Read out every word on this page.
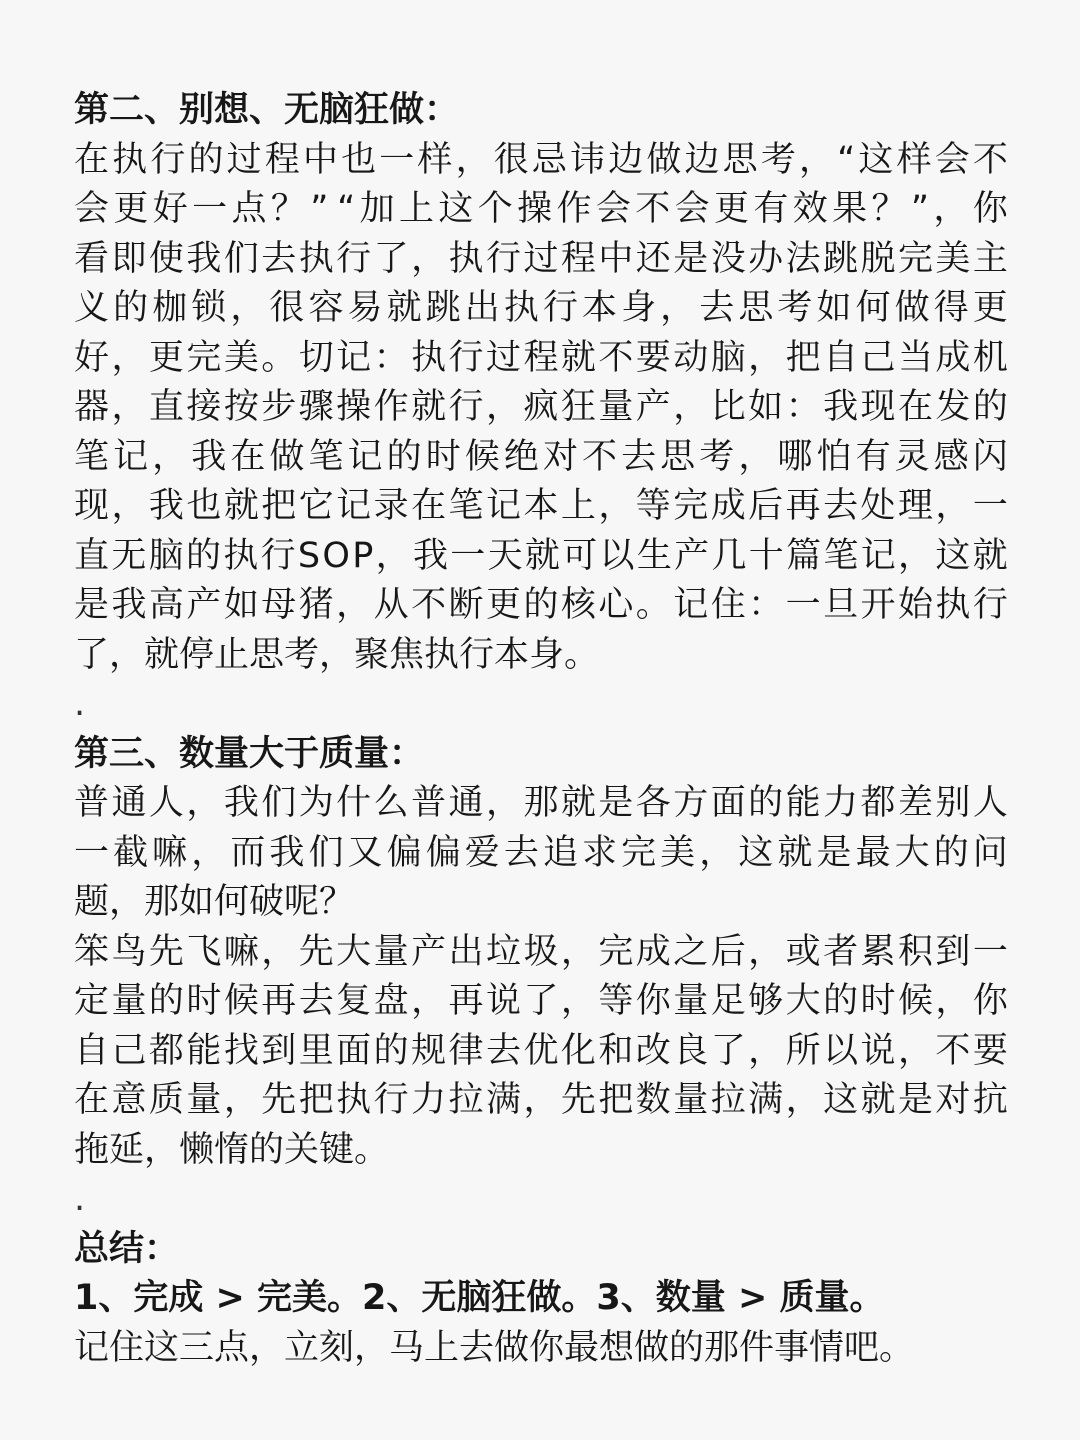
第二、别想、无脑狂做：
在 执 行 的 过 程 中 也 一 样 ， 很 忌 讳 边 做 边 思 考 ， “ 这 样 会 不
会 更 好 一 点 ？ ” “ 加 上 这 个 操 作 会 不 会 更 有 效 果 ？ ” ， 你
看 即 使 我 们 去 执 行 了 ， 执 行 过 程 中 还 是 没 办 法 跳 脱 完 美 主
义 的 枷 锁 ， 很 容 易 就 跳 出 执 行 本 身 ， 去 思 考 如 何 做 得 更
好 ， 更 完 美 。 切 记 ： 执 行 过 程 就 不 要 动 脑 ， 把 自 己 当 成 机
器 ， 直 接 按 步 骤 操 作 就 行 ， 疯 狂 量 产 ， 比 如 ： 我 现 在 发 的
笔 记 ， 我 在 做 笔 记 的 时 候 绝 对 不 去 思 考 ， 哪 怕 有 灵 感 闪
现 ， 我 也 就 把 它 记 录 在 笔 记 本 上 ， 等 完 成 后 再 去 处 理 ， 一
直 无 脑 的 执 行 S O P ， 我 一 天 就 可 以 生 产 几 十 篇 笔 记 ， 这 就
是 我 高 产 如 母 猪 ， 从 不 断 更 的 核 心 。 记 住 ： 一 旦 开 始 执 行
了，就停止思考，聚焦执行本身。
.
第三、数量大于质量：
普 通 人 ， 我 们 为 什 么 普 通 ， 那 就 是 各 方 面 的 能 力 都 差 别 人
一 截 嘛 ， 而 我 们 又 偏 偏 爱 去 追 求 完 美 ， 这 就 是 最 大 的 问
题，那如何破呢？
笨 鸟 先 飞 嘛 ， 先 大 量 产 出 垃 圾 ， 完 成 之 后 ， 或 者 累 积 到 一
定 量 的 时 候 再 去 复 盘 ， 再 说 了 ， 等 你 量 足 够 大 的 时 候 ， 你
自 己 都 能 找 到 里 面 的 规 律 去 优 化 和 改 良 了 ， 所 以 说 ， 不 要
在 意 质 量 ， 先 把 执 行 力 拉 满 ， 先 把 数 量 拉 满 ， 这 就 是 对 抗
拖延，懒惰的关键。
.
总结：
1、完成 > 完美。2、无脑狂做。3、数量 > 质量。
记住这三点，立刻，马上去做你最想做的那件事情吧。
